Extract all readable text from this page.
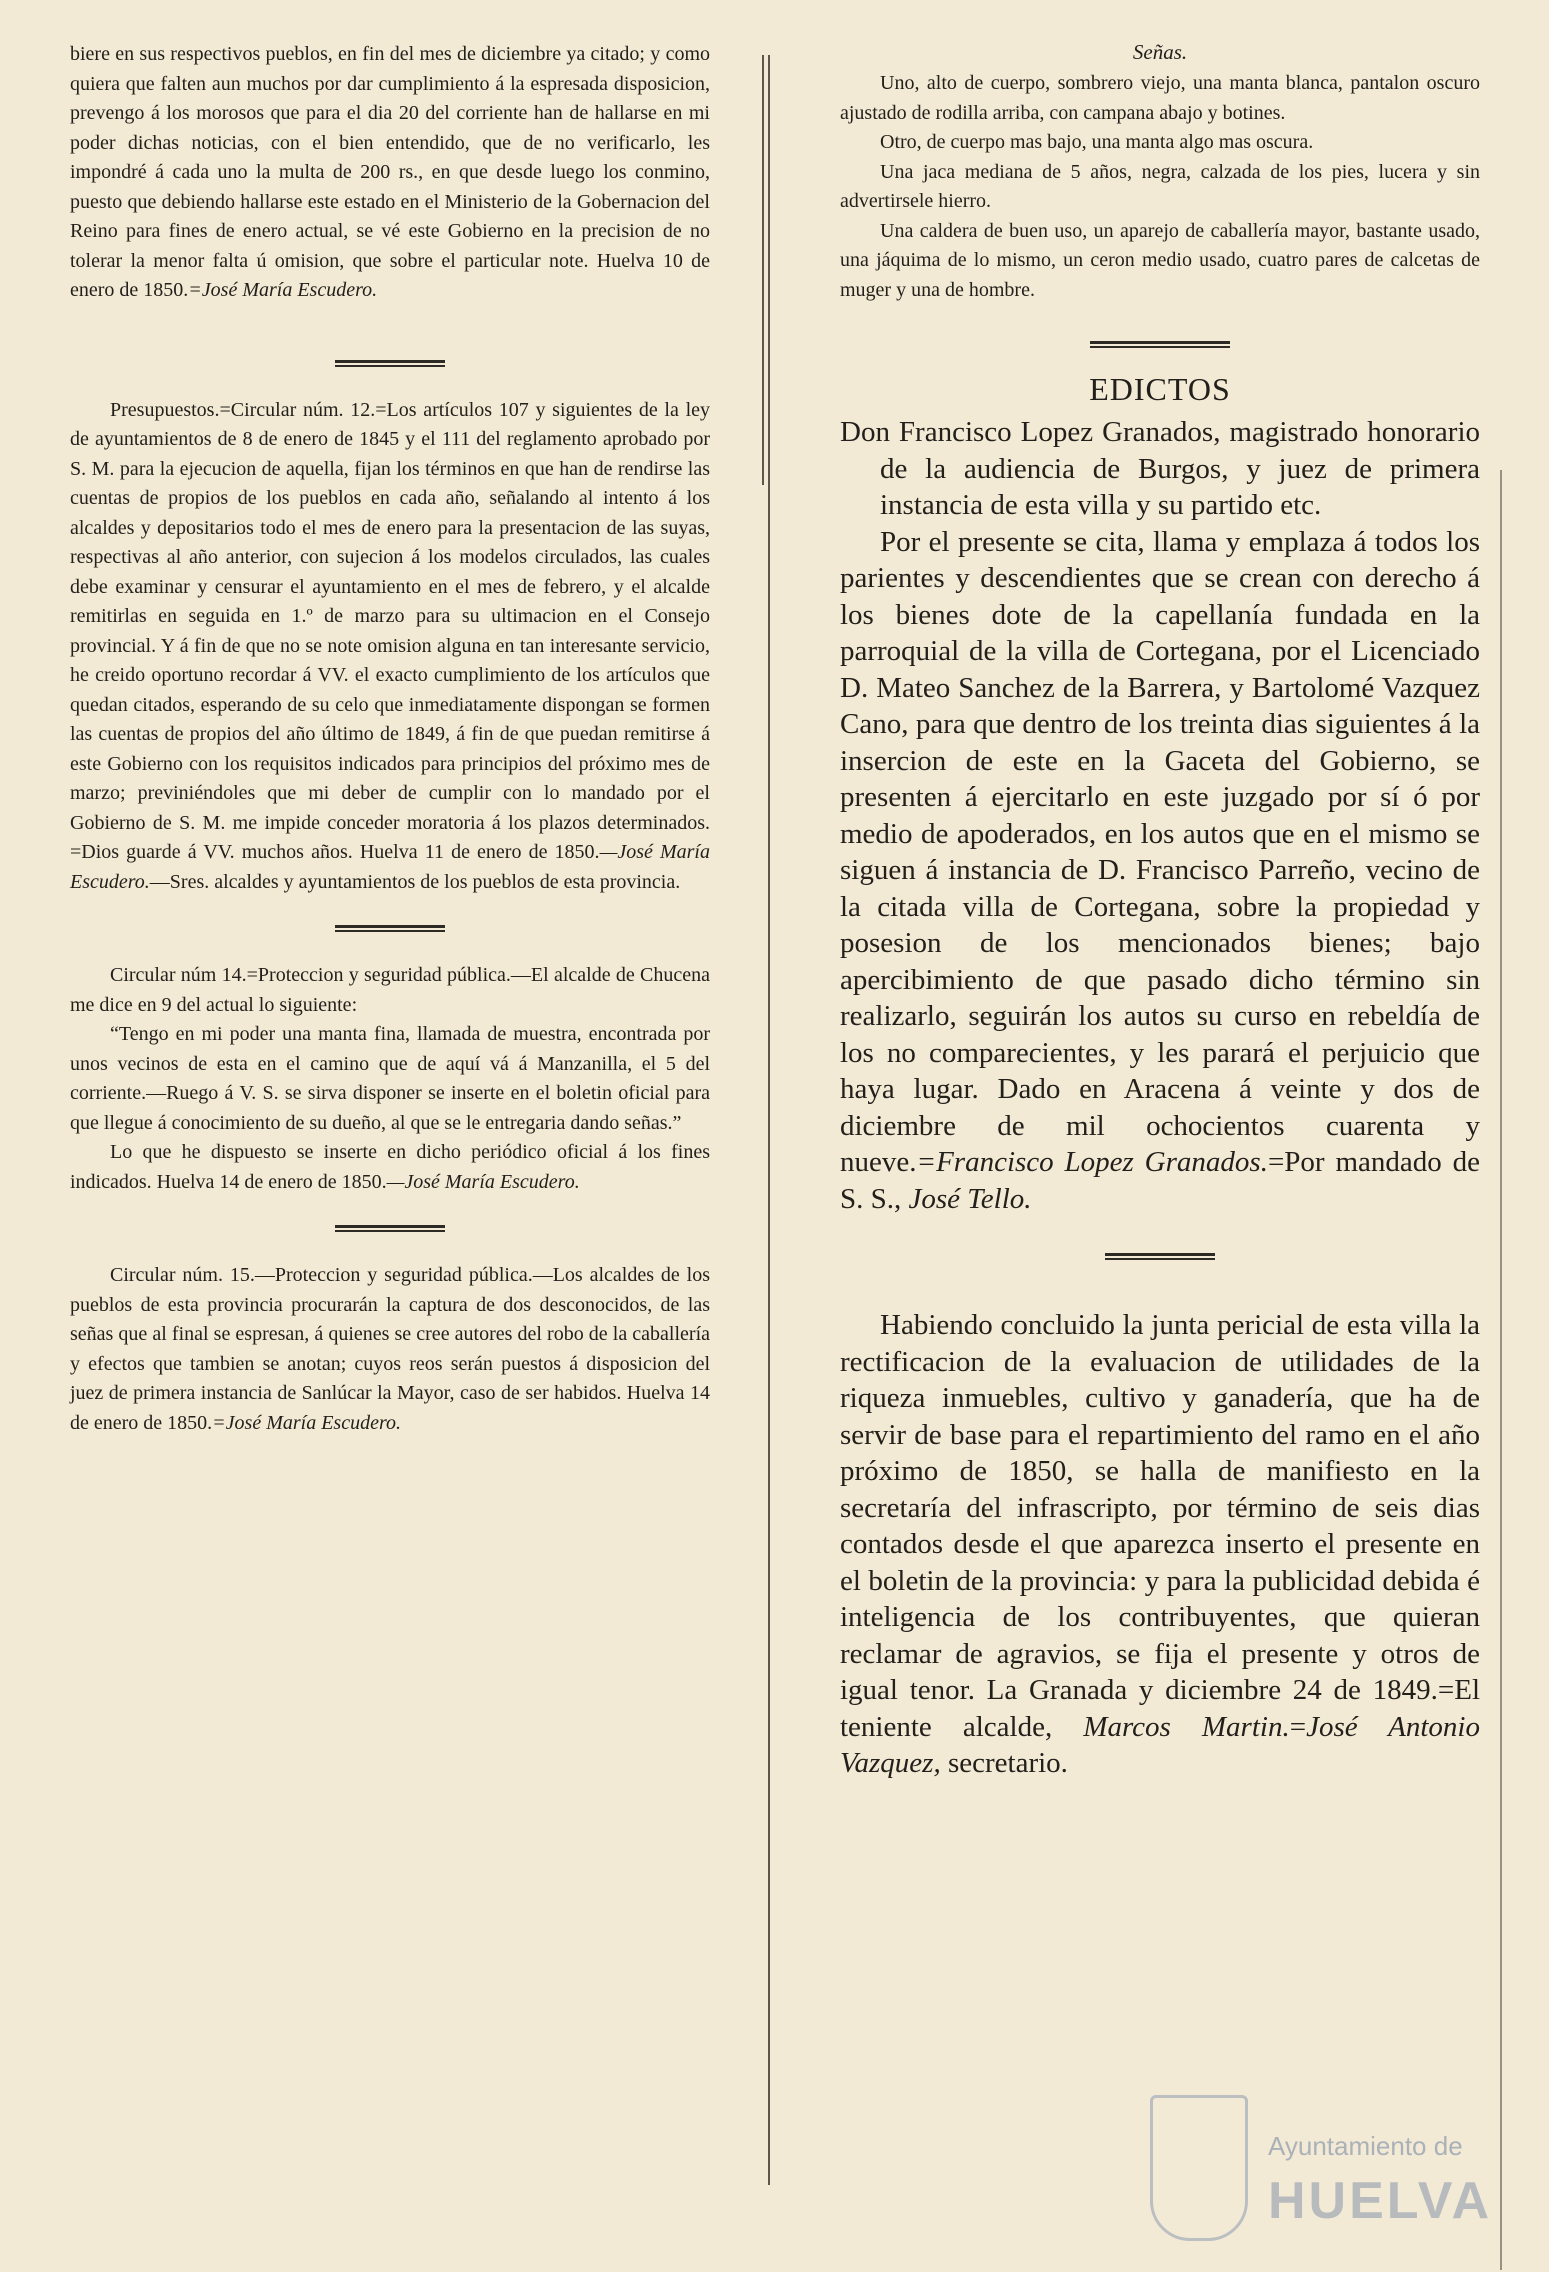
biere en sus respectivos pueblos, en fin del mes de diciembre ya citado; y como quiera que falten aun muchos por dar cumplimiento á la espresada disposicion, prevengo á los morosos que para el dia 20 del corriente han de hallarse en mi poder dichas noticias, con el bien entendido, que de no verificarlo, les impondré á cada uno la multa de 200 rs., en que desde luego los conmino, puesto que debiendo hallarse este estado en el Ministerio de la Gobernacion del Reino para fines de enero actual, se vé este Gobierno en la precision de no tolerar la menor falta ú omision, que sobre el particular note. Huelva 10 de enero de 1850.=José María Escudero.

Presupuestos.=Circular núm. 12.=Los artículos 107 y siguientes de la ley de ayuntamientos de 8 de enero de 1845 y el 111 del reglamento aprobado por S. M. para la ejecucion de aquella, fijan los términos en que han de rendirse las cuentas de propios de los pueblos en cada año, señalando al intento á los alcaldes y depositarios todo el mes de enero para la presentacion de las suyas, respectivas al año anterior, con sujecion á los modelos circulados, las cuales debe examinar y censurar el ayuntamiento en el mes de febrero, y el alcalde remitirlas en seguida en 1.º de marzo para su ultimacion en el Consejo provincial. Y á fin de que no se note omision alguna en tan interesante servicio, he creido oportuno recordar á VV. el exacto cumplimiento de los artículos que quedan citados, esperando de su celo que inmediatamente dispongan se formen las cuentas de propios del año último de 1849, á fin de que puedan remitirse á este Gobierno con los requisitos indicados para principios del próximo mes de marzo; previniéndoles que mi deber de cumplir con lo mandado por el Gobierno de S. M. me impide conceder moratoria á los plazos determinados. =Dios guarde á VV. muchos años. Huelva 11 de enero de 1850.—José María Escudero.—Sres. alcaldes y ayuntamientos de los pueblos de esta provincia.

Circular núm 14.=Proteccion y seguridad pública.—El alcalde de Chucena me dice en 9 del actual lo siguiente:

“Tengo en mi poder una manta fina, llamada de muestra, encontrada por unos vecinos de esta en el camino que de aquí vá á Manzanilla, el 5 del corriente.—Ruego á V. S. se sirva disponer se inserte en el boletin oficial para que llegue á conocimiento de su dueño, al que se le entregaria dando señas.”

Lo que he dispuesto se inserte en dicho periódico oficial á los fines indicados. Huelva 14 de enero de 1850.—José María Escudero.

Circular núm. 15.—Proteccion y seguridad pública.—Los alcaldes de los pueblos de esta provincia procurarán la captura de dos desconocidos, de las señas que al final se espresan, á quienes se cree autores del robo de la caballería y efectos que tambien se anotan; cuyos reos serán puestos á disposicion del juez de primera instancia de Sanlúcar la Mayor, caso de ser habidos. Huelva 14 de enero de 1850.=José María Escudero.

Señas.

Uno, alto de cuerpo, sombrero viejo, una manta blanca, pantalon oscuro ajustado de rodilla arriba, con campana abajo y botines.

Otro, de cuerpo mas bajo, una manta algo mas oscura.

Una jaca mediana de 5 años, negra, calzada de los pies, lucera y sin advertirsele hierro.

Una caldera de buen uso, un aparejo de caballería mayor, bastante usado, una jáquima de lo mismo, un ceron medio usado, cuatro pares de calcetas de muger y una de hombre.

EDICTOS

Don Francisco Lopez Granados, magistrado honorario de la audiencia de Burgos, y juez de primera instancia de esta villa y su partido etc.

Por el presente se cita, llama y emplaza á todos los parientes y descendientes que se crean con derecho á los bienes dote de la capellanía fundada en la parroquial de la villa de Cortegana, por el Licenciado D. Mateo Sanchez de la Barrera, y Bartolomé Vazquez Cano, para que dentro de los treinta dias siguientes á la insercion de este en la Gaceta del Gobierno, se presenten á ejercitarlo en este juzgado por sí ó por medio de apoderados, en los autos que en el mismo se siguen á instancia de D. Francisco Parreño, vecino de la citada villa de Cortegana, sobre la propiedad y posesion de los mencionados bienes; bajo apercibimiento de que pasado dicho término sin realizarlo, seguirán los autos su curso en rebeldía de los no comparecientes, y les parará el perjuicio que haya lugar. Dado en Aracena á veinte y dos de diciembre de mil ochocientos cuarenta y nueve.=Francisco Lopez Granados.=Por mandado de S. S., José Tello.

Habiendo concluido la junta pericial de esta villa la rectificacion de la evaluacion de utilidades de la riqueza inmuebles, cultivo y ganadería, que ha de servir de base para el repartimiento del ramo en el año próximo de 1850, se halla de manifiesto en la secretaría del infrascripto, por término de seis dias contados desde el que aparezca inserto el presente en el boletin de la provincia: y para la publicidad debida é inteligencia de los contribuyentes, que quieran reclamar de agravios, se fija el presente y otros de igual tenor. La Granada y diciembre 24 de 1849.=El teniente alcalde, Marcos Martin.=José Antonio Vazquez, secretario.

Ayuntamiento de
HUELVA
